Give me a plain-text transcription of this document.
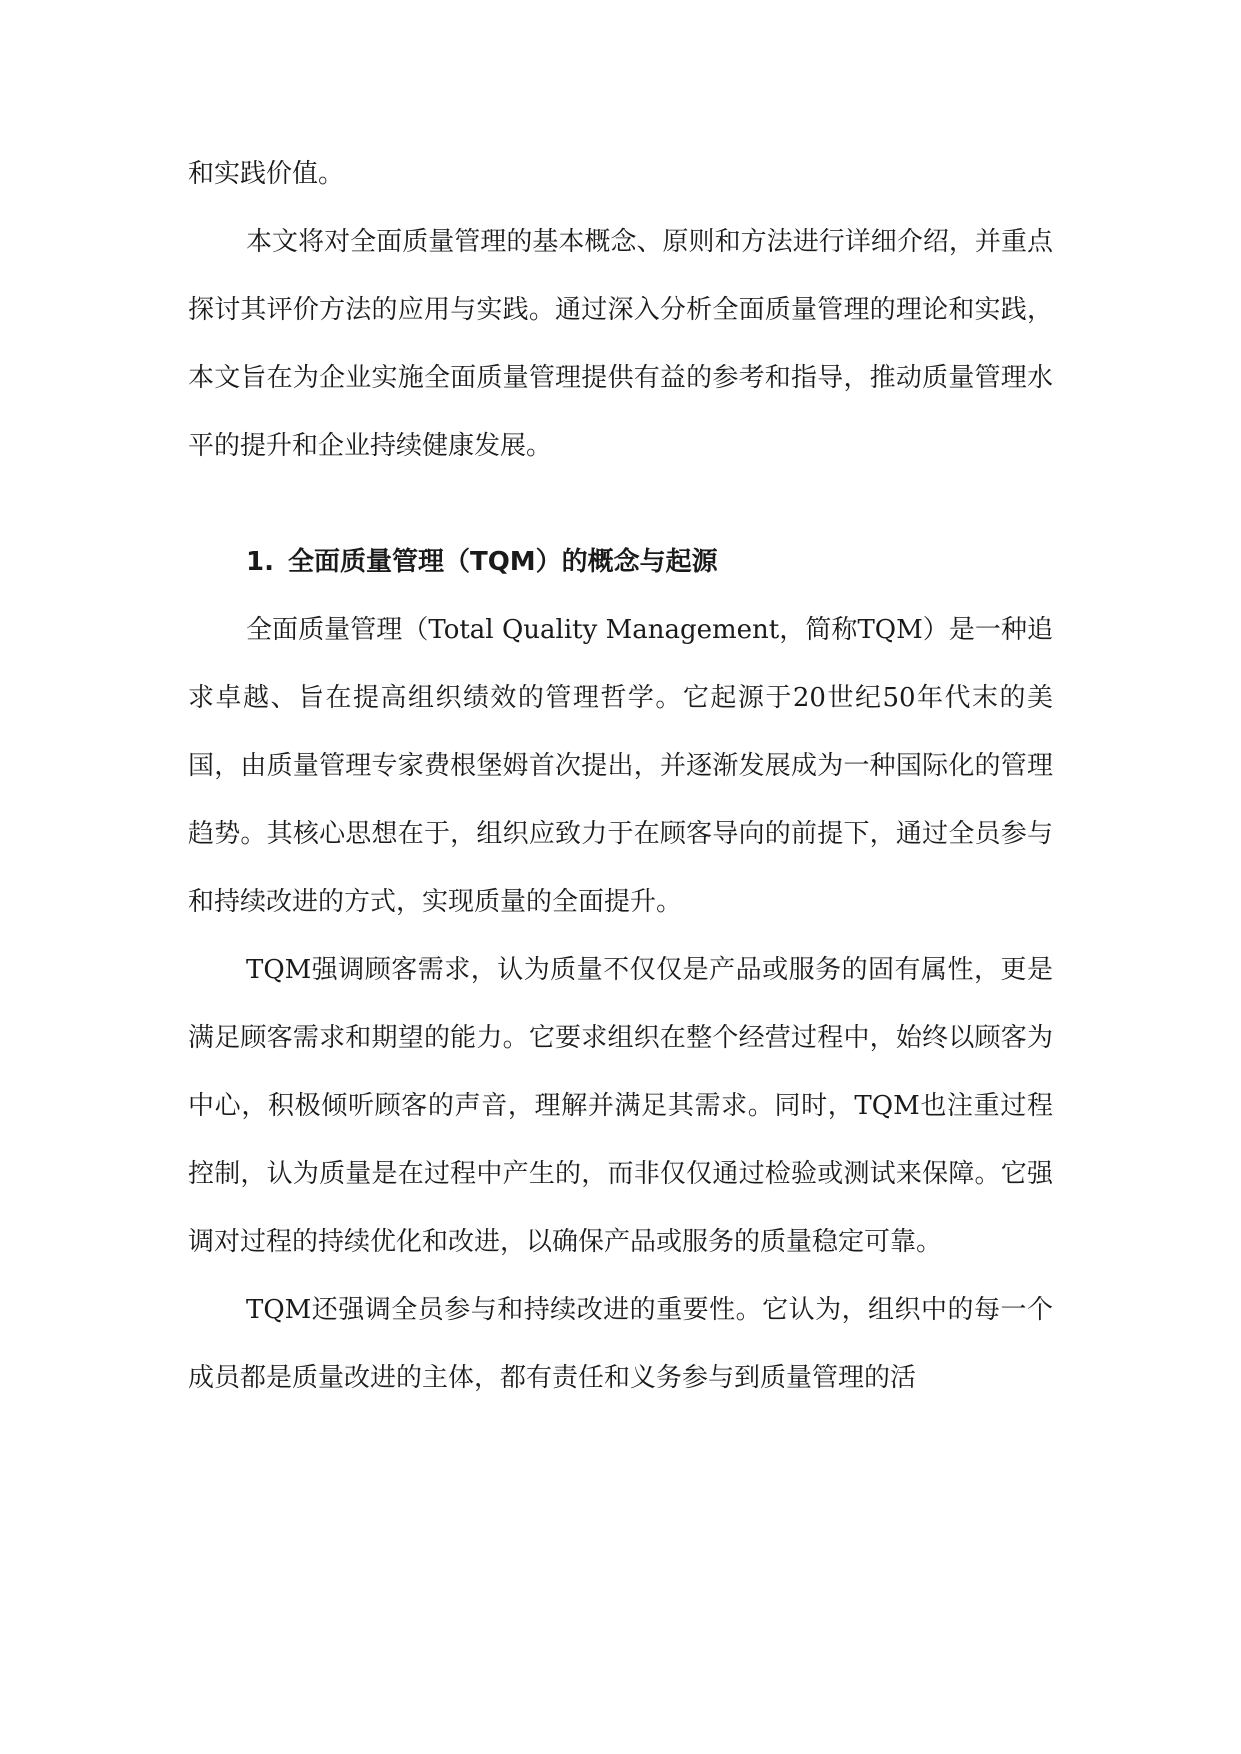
和实践价值。

本文将对全面质量管理的基本概念、原则和方法进行详细介绍，并重点探讨其评价方法的应用与实践。通过深入分析全面质量管理的理论和实践，本文旨在为企业实施全面质量管理提供有益的参考和指导，推动质量管理水平的提升和企业持续健康发展。

1. 全面质量管理（TQM）的概念与起源

全面质量管理（Total Quality Management，简称TQM）是一种追求卓越、旨在提高组织绩效的管理哲学。它起源于20世纪50年代末的美国，由质量管理专家费根堡姆首次提出，并逐渐发展成为一种国际化的管理趋势。其核心思想在于，组织应致力于在顾客导向的前提下，通过全员参与和持续改进的方式，实现质量的全面提升。

TQM强调顾客需求，认为质量不仅仅是产品或服务的固有属性，更是满足顾客需求和期望的能力。它要求组织在整个经营过程中，始终以顾客为中心，积极倾听顾客的声音，理解并满足其需求。同时，TQM也注重过程控制，认为质量是在过程中产生的，而非仅仅通过检验或测试来保障。它强调对过程的持续优化和改进，以确保产品或服务的质量稳定可靠。

TQM还强调全员参与和持续改进的重要性。它认为，组织中的每一个成员都是质量改进的主体，都有责任和义务参与到质量管理的活
